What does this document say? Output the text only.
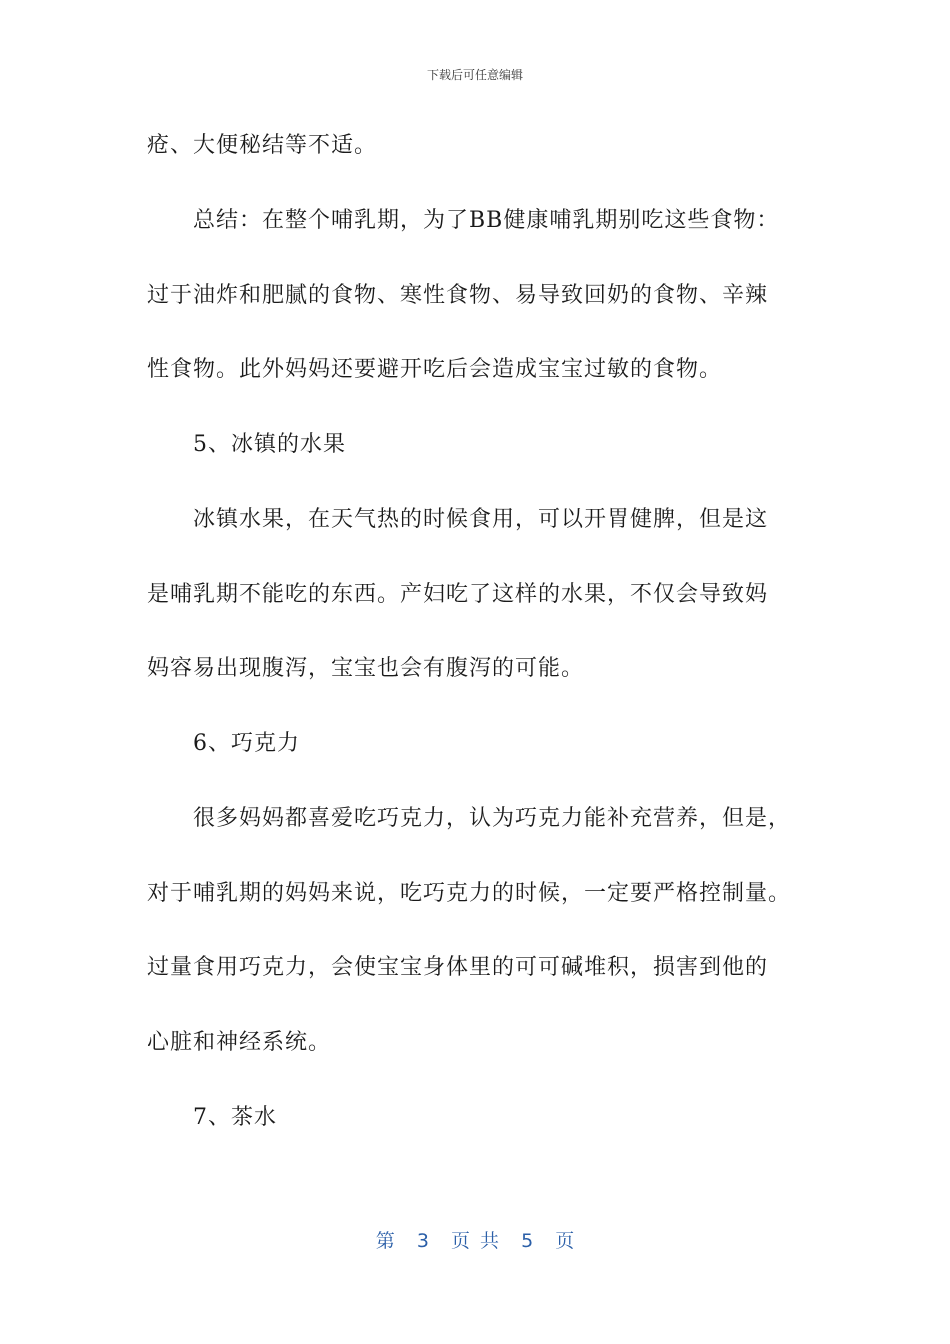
下载后可任意编辑
疮、大便秘结等不适。
总结：在整个哺乳期，为了BB健康哺乳期别吃这些食物：
过于油炸和肥腻的食物、寒性食物、易导致回奶的食物、辛辣
性食物。此外妈妈还要避开吃后会造成宝宝过敏的食物。
5、冰镇的水果
冰镇水果，在天气热的时候食用，可以开胃健脾，但是这
是哺乳期不能吃的东西。产妇吃了这样的水果，不仅会导致妈
妈容易出现腹泻，宝宝也会有腹泻的可能。
6、巧克力
很多妈妈都喜爱吃巧克力，认为巧克力能补充营养，但是，
对于哺乳期的妈妈来说，吃巧克力的时候，一定要严格控制量。
过量食用巧克力，会使宝宝身体里的可可碱堆积，损害到他的
心脏和神经系统。
7、茶水
第 3 页 共 5 页
